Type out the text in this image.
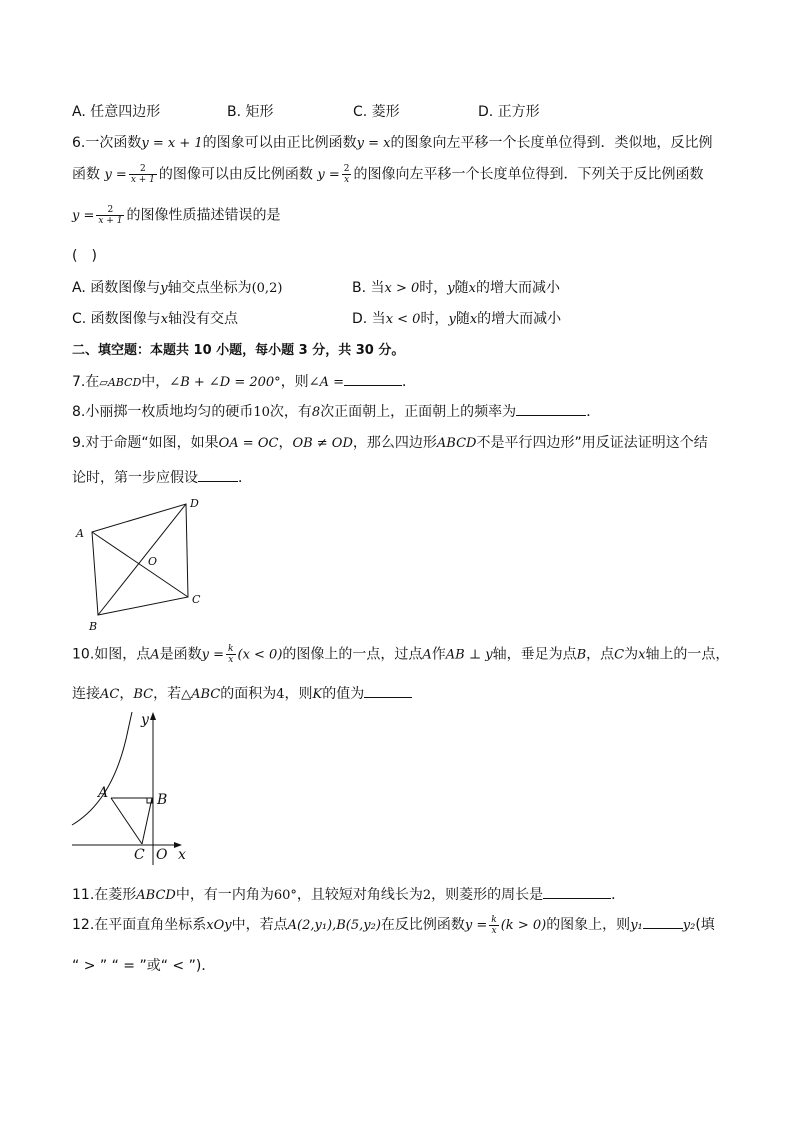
A. 任意四边形	B. 矩形	C. 菱形	D. 正方形
6.一次函数y = x + 1的图象可以由正比例函数y = x的图象向左平移一个长度单位得到．类似地，反比例
函数 $y = \frac{2}{x + 1}$ 的图像可以由反比例函数 $y = \frac{2}{x}$ 的图像向左平移一个长度单位得到．下列关于反比例函数
$y = \frac{2}{x + 1}$ 的图像性质描述错误的是
(　)
A. 函数图像与y轴交点坐标为(0,2)	B. 当x > 0时，y随x的增大而减小
C. 函数图像与x轴没有交点	D. 当x < 0时，y随x的增大而减小
二、填空题：本题共 10 小题，每小题 3 分，共 30 分。
7.在▱ABCD中，∠B + ∠D = 200°，则∠A =	．
8.小丽掷一枚质地均匀的硬币10次，有8次正面朝上，正面朝上的频率为	．
9.对于命题“如图，如果OA = OC，OB ≠ OD，那么四边形ABCD不是平行四边形”用反证法证明这个结
论时，第一步应假设	．
A
B
C
D
O
10.如图，点A是函数$y = \frac{k}{x} (x < 0)$的图像上的一点，过点A作AB ⊥ y轴，垂足为点B，点C为x轴上的一点，
连接AC，BC，若△ABC的面积为4，则K的值为
y
x
A	B
C O
11.在菱形ABCD中，有一内角为60°，且较短对角线长为2，则菱形的周长是	．
12.在平面直角坐标系xOy中，若点A(2,y₁),B(5,y₂)在反比例函数$y = \frac{k}{x} (k > 0)$的图象上，则y₁	y₂(填
“ > ” “ = ”或“ < ”)．
